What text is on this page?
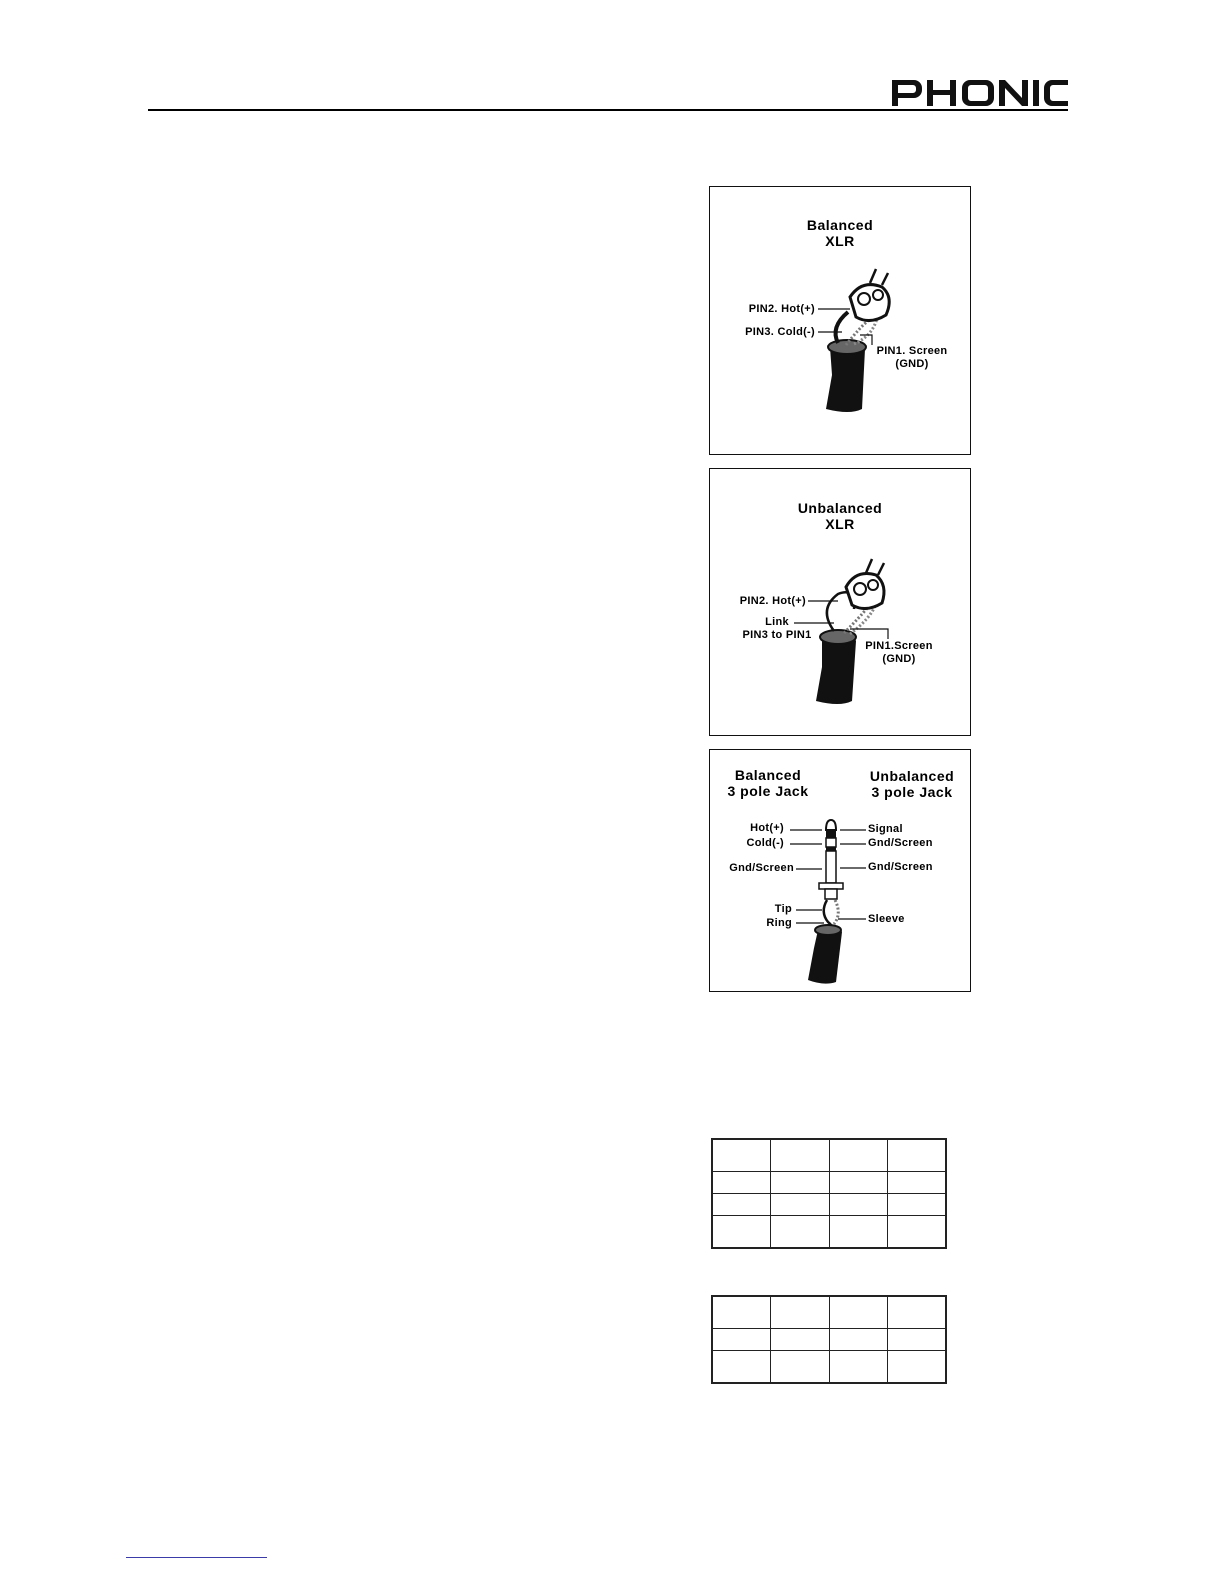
Balanced
XLR
PIN2. Hot(+)
PIN3. Cold(-)
PIN1. Screen
(GND)
Unbalanced
XLR
PIN2. Hot(+)
Link
PIN3 to PIN1
PIN1.Screen
(GND)
Balanced
3 pole Jack
Unbalanced
3 pole Jack
Hot(+)
Cold(-)
Gnd/Screen
Tip
Ring
Signal
Gnd/Screen
Gnd/Screen
Sleeve
